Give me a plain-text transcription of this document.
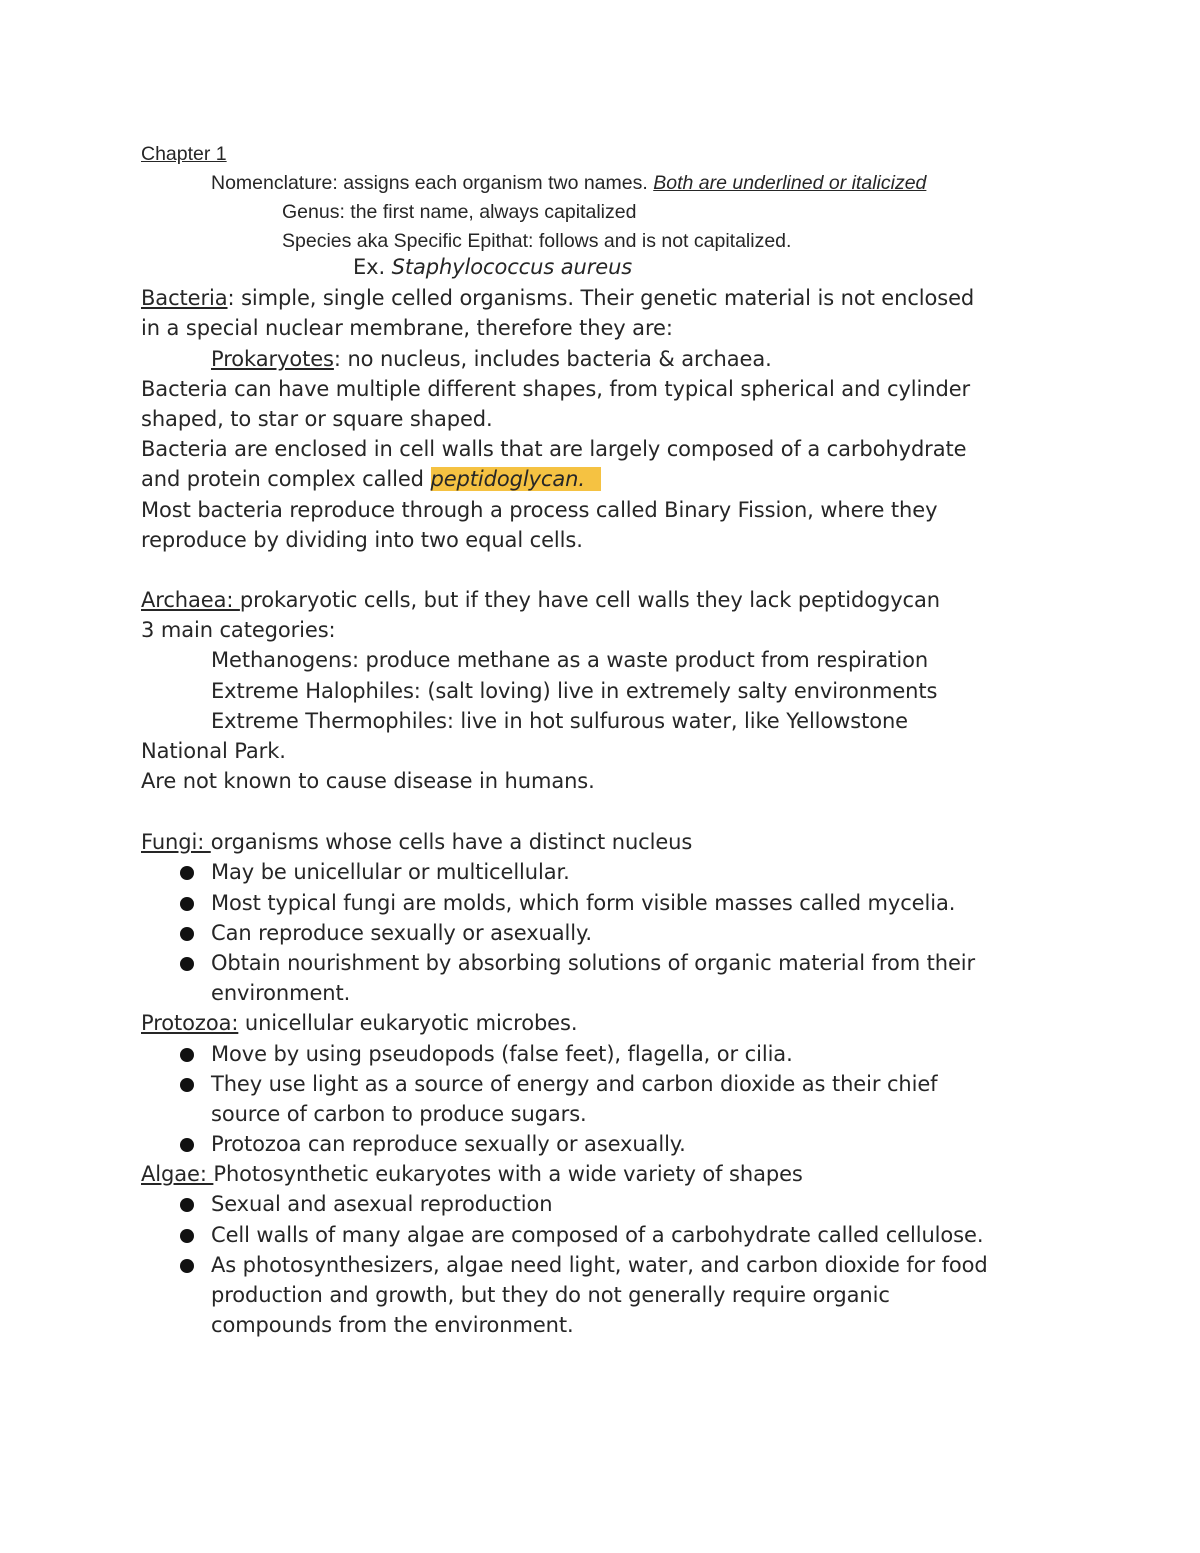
Chapter 1
Nomenclature: assigns each organism two names. Both are underlined or italicized
Genus: the first name, always capitalized
Species aka Specific Epithat: follows and is not capitalized.
Ex. Staphylococcus aureus
Bacteria: simple, single celled organisms. Their genetic material is not enclosed
in a special nuclear membrane, therefore they are:
Prokaryotes: no nucleus, includes bacteria & archaea.
Bacteria can have multiple different shapes, from typical spherical and cylinder
shaped, to star or square shaped.
Bacteria are enclosed in cell walls that are largely composed of a carbohydrate
and protein complex called peptidoglycan.
Most bacteria reproduce through a process called Binary Fission, where they
reproduce by dividing into two equal cells.
Archaea: prokaryotic cells, but if they have cell walls they lack peptidogycan
3 main categories:
Methanogens: produce methane as a waste product from respiration
Extreme Halophiles: (salt loving) live in extremely salty environments
Extreme Thermophiles: live in hot sulfurous water, like Yellowstone
National Park.
Are not known to cause disease in humans.
Fungi: organisms whose cells have a distinct nucleus
May be unicellular or multicellular.
Most typical fungi are molds, which form visible masses called mycelia.
Can reproduce sexually or asexually.
Obtain nourishment by absorbing solutions of organic material from their
environment.
Protozoa: unicellular eukaryotic microbes.
Move by using pseudopods (false feet), flagella, or cilia.
They use light as a source of energy and carbon dioxide as their chief
source of carbon to produce sugars.
Protozoa can reproduce sexually or asexually.
Algae: Photosynthetic eukaryotes with a wide variety of shapes
Sexual and asexual reproduction
Cell walls of many algae are composed of a carbohydrate called cellulose.
As photosynthesizers, algae need light, water, and carbon dioxide for food
production and growth, but they do not generally require organic
compounds from the environment.
